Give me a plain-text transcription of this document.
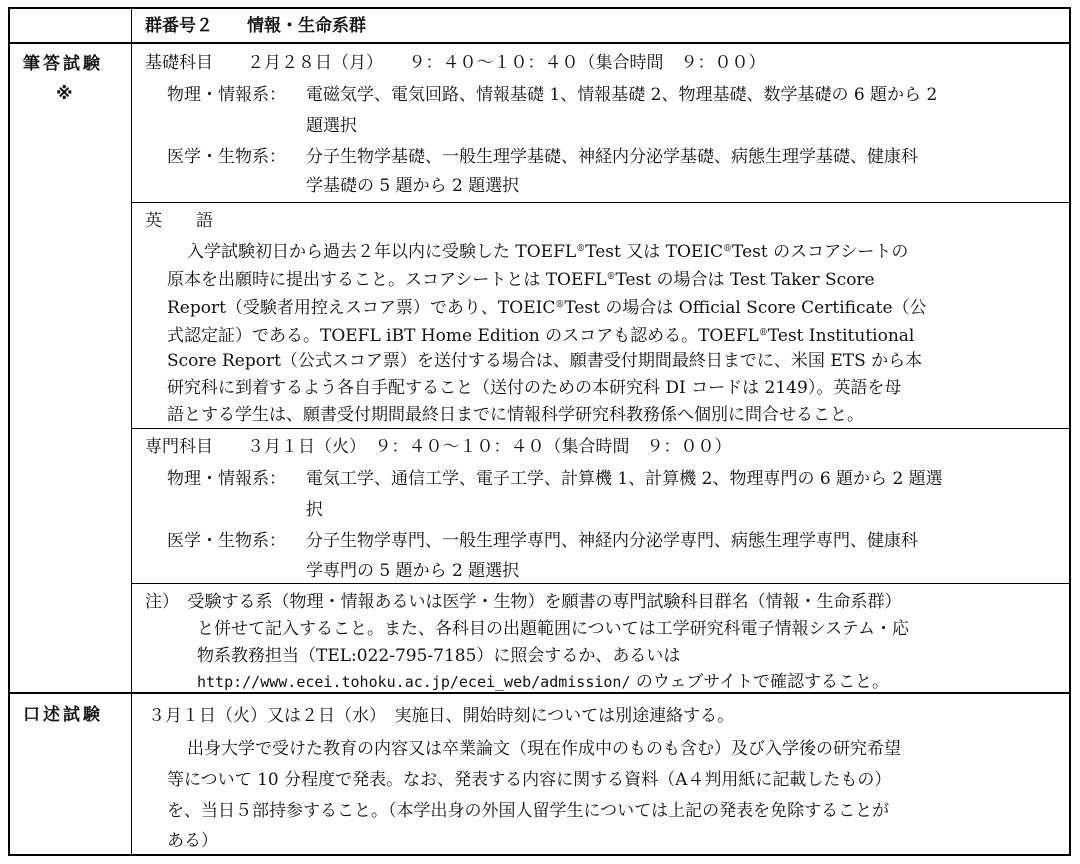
群番号２　　情報・生命系群
筆答試験
※
口述試験
基礎科目　　２月２８日（月）　　９：４０～１０：４０（集合時間　９：００）
物理・情報系： 電磁気学、電気回路、情報基礎 1、情報基礎 2、物理基礎、数学基礎の 6 題から 2
題選択
医学・生物系： 分子生物学基礎、一般生理学基礎、神経内分泌学基礎、病態生理学基礎、健康科
学基礎の 5 題から 2 題選択
英　　語
入学試験初日から過去２年以内に受験した TOEFL®Test 又は TOEIC®Test のスコアシートの
原本を出願時に提出すること。スコアシートとは TOEFL®Test の場合は Test Taker Score
Report（受験者用控えスコア票）であり、TOEIC®Test の場合は Official Score Certificate（公
式認定証）である。TOEFL iBT Home Edition のスコアも認める。TOEFL®Test Institutional
Score Report（公式スコア票）を送付する場合は、願書受付期間最終日までに、米国 ETS から本
研究科に到着するよう各自手配すること（送付のための本研究科 DI コードは 2149）。英語を母
語とする学生は、願書受付期間最終日までに情報科学研究科教務係へ個別に問合せること。
専門科目　　３月１日（火）　９：４０～１０：４０（集合時間　９：００）
物理・情報系： 電気工学、通信工学、電子工学、計算機 1、計算機 2、物理専門の 6 題から 2 題選
択
医学・生物系： 分子生物学専門、一般生理学専門、神経内分泌学専門、病態生理学専門、健康科
学専門の 5 題から 2 題選択
注）　受験する系（物理・情報あるいは医学・生物）を願書の専門試験科目群名（情報・生命系群）
と併せて記入すること。また、各科目の出題範囲については工学研究科電子情報システム・応
物系教務担当（TEL:022-795-7185）に照会するか、あるいは
http://www.ecei.tohoku.ac.jp/ecei_web/admission/ のウェブサイトで確認すること。
３月１日（火）又は２日（水）　実施日、開始時刻については別途連絡する。
出身大学で受けた教育の内容又は卒業論文（現在作成中のものも含む）及び入学後の研究希望
等について 10 分程度で発表。なお、発表する内容に関する資料（A４判用紙に記載したもの）
を、当日５部持参すること。（本学出身の外国人留学生については上記の発表を免除することが
ある）
